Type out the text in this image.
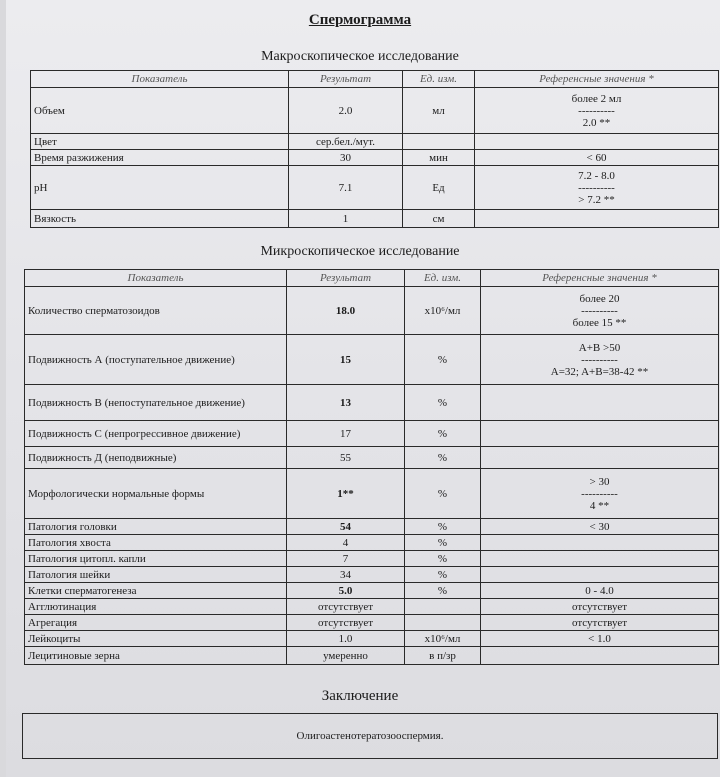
Спермограмма
Макроскопическое исследование
Показатель	Результат	Ед. изм.	Референсные значения *
Объем	2.0	мл	более 2 мл
----------
2.0 **

Цвет	сер.бел./мут.		
Время разжижения	30	мин	< 60

pH	7.1	Ед	7.2 - 8.0
----------
> 7.2 **

Вязкость	1	см	
Микроскопическое исследование
Показатель	Результат	Ед. изм.	Референсные значения *
Количество сперматозоидов	18.0	x10⁶/мл	более 20
----------
более 15 **

Подвижность А (поступательное движение)	15	%	A+B >50
----------
A=32; A+B=38-42 **

Подвижность В (непоступательное движение)	13	%	
Подвижность С (непрогрессивное движение)	17	%	
Подвижность Д (неподвижные)	55	%	
Морфологически нормальные формы	1**	%	> 30
----------
4 **

Патология головки	54	%	< 30

Патология хвоста	4	%	
Патология цитопл. капли	7	%	
Патология шейки	34	%	
Клетки сперматогенеза	5.0	%	0 - 4.0

Агглютинация	отсутствует		отсутствует

Агрегация	отсутствует		отсутствует

Лейкоциты	1.0	x10⁶/мл	< 1.0

Лецитиновые зерна	умеренно	в п/зр	
Заключение
Олигоастенотератозооспермия.
